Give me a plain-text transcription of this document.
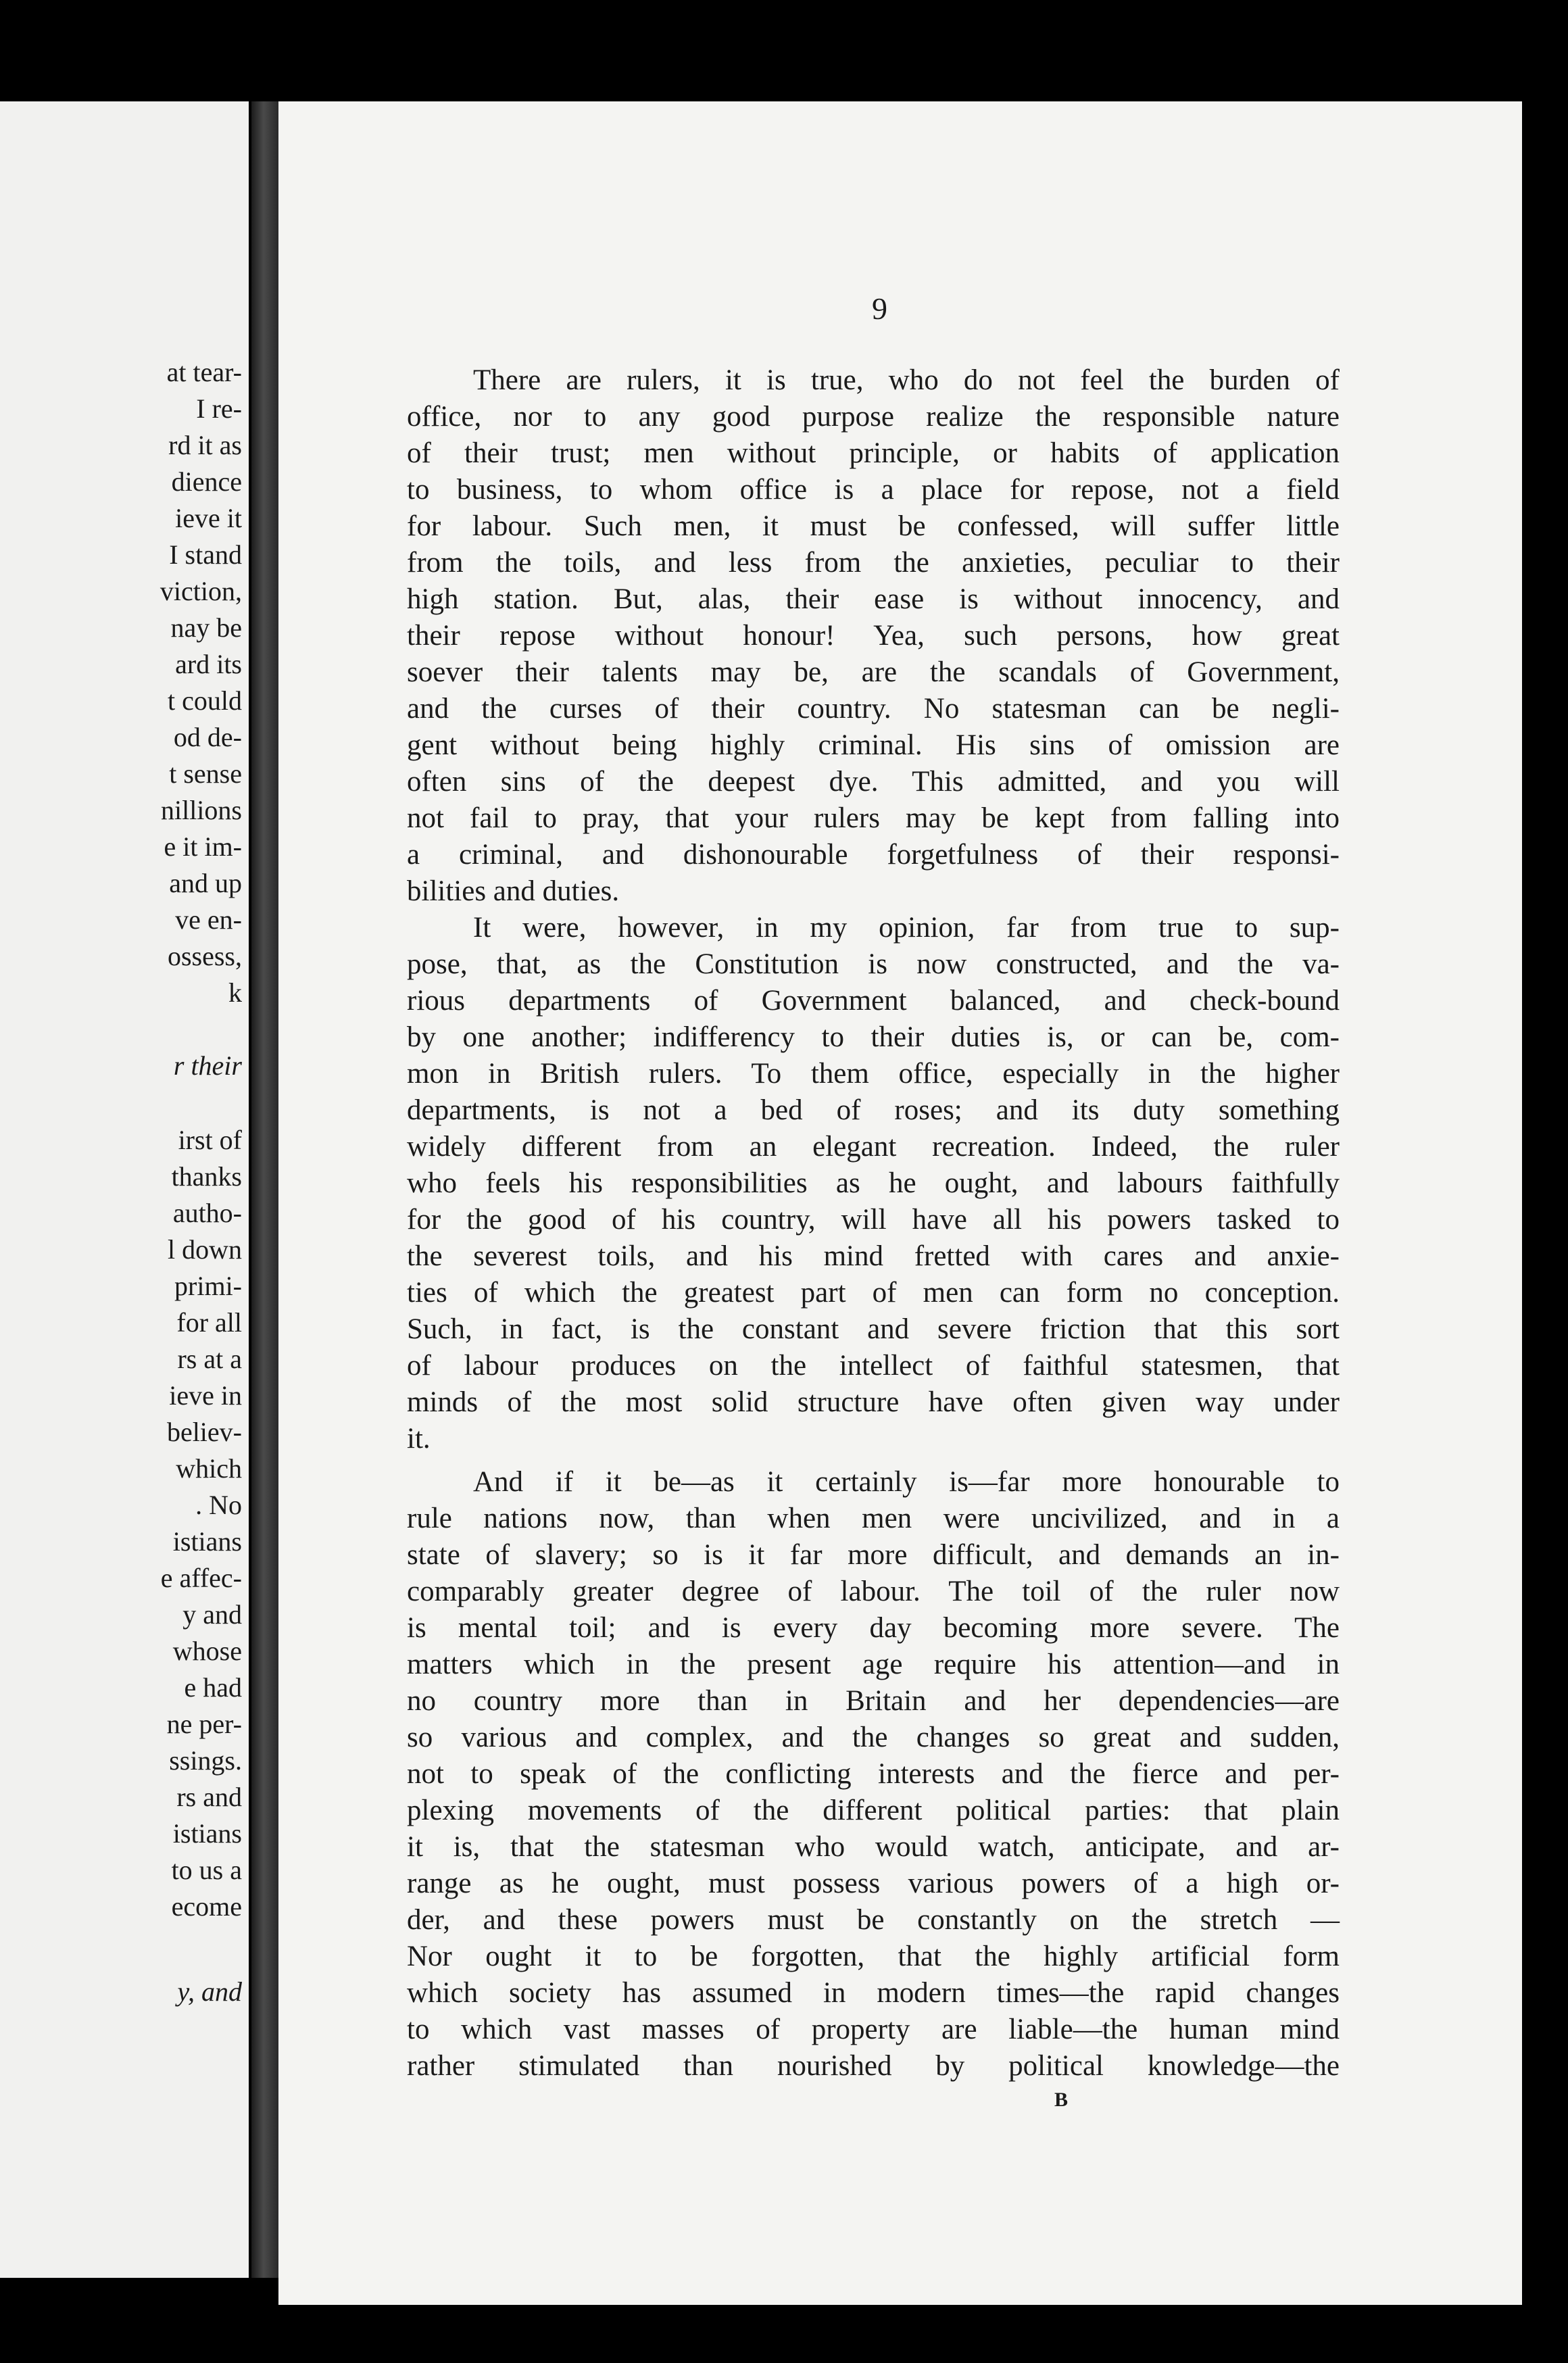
at tear-
I re-
rd it as
dience
ieve it
I stand
viction,
nay be
ard its
t could
od de-
t sense
nillions
e it im-
and up
ve en-
ossess,
k
r their
irst of
thanks
autho-
l down
primi-
for all
rs at a
ieve in
believ-
which
. No
istians
e affec-
y and
whose
e had
ne per-
ssings.
rs and
istians
to us a
ecome
y, and
9
There are rulers, it is true, who do not feel the burden of
office, nor to any good purpose realize the responsible nature
of their trust; men without principle, or habits of application
to business, to whom office is a place for repose, not a field
for labour. Such men, it must be confessed, will suffer little
from the toils, and less from the anxieties, peculiar to their
high station. But, alas, their ease is without innocency, and
their repose without honour! Yea, such persons, how great
soever their talents may be, are the scandals of Government,
and the curses of their country. No statesman can be negli-
gent without being highly criminal. His sins of omission are
often sins of the deepest dye. This admitted, and you will
not fail to pray, that your rulers may be kept from falling into
a criminal, and dishonourable forgetfulness of their responsi-
bilities and duties.
It were, however, in my opinion, far from true to sup-
pose, that, as the Constitution is now constructed, and the va-
rious departments of Government balanced, and check-bound
by one another; indifferency to their duties is, or can be, com-
mon in British rulers. To them office, especially in the higher
departments, is not a bed of roses; and its duty something
widely different from an elegant recreation. Indeed, the ruler
who feels his responsibilities as he ought, and labours faithfully
for the good of his country, will have all his powers tasked to
the severest toils, and his mind fretted with cares and anxie-
ties of which the greatest part of men can form no conception.
Such, in fact, is the constant and severe friction that this sort
of labour produces on the intellect of faithful statesmen, that
minds of the most solid structure have often given way under
it.
And if it be—as it certainly is—far more honourable to
rule nations now, than when men were uncivilized, and in a
state of slavery; so is it far more difficult, and demands an in-
comparably greater degree of labour. The toil of the ruler now
is mental toil; and is every day becoming more severe. The
matters which in the present age require his attention—and in
no country more than in Britain and her dependencies—are
so various and complex, and the changes so great and sudden,
not to speak of the conflicting interests and the fierce and per-
plexing movements of the different political parties: that plain
it is, that the statesman who would watch, anticipate, and ar-
range as he ought, must possess various powers of a high or-
der, and these powers must be constantly on the stretch —
Nor ought it to be forgotten, that the highly artificial form
which society has assumed in modern times—the rapid changes
to which vast masses of property are liable—the human mind
rather stimulated than nourished by political knowledge—the
B
